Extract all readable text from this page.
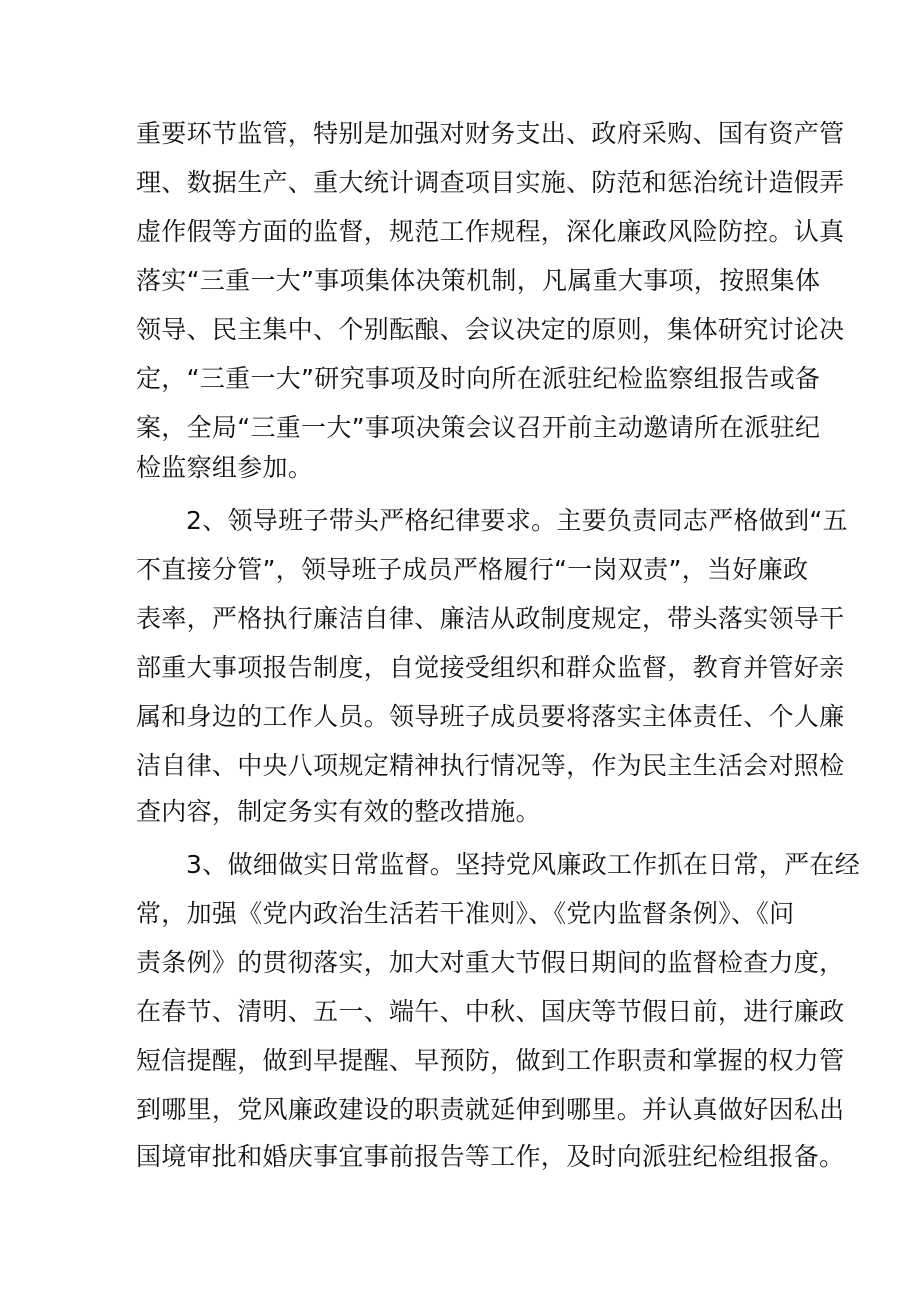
重要环节监管，特别是加强对财务支出、政府采购、国有资产管
理、数据生产、重大统计调查项目实施、防范和惩治统计造假弄
虚作假等方面的监督，规范工作规程，深化廉政风险防控。认真
落实“三重一大”事项集体决策机制，凡属重大事项，按照集体
领导、民主集中、个别酝酿、会议决定的原则，集体研究讨论决
定，“三重一大”研究事项及时向所在派驻纪检监察组报告或备
案，全局“三重一大”事项决策会议召开前主动邀请所在派驻纪
检监察组参加。
2、领导班子带头严格纪律要求。主要负责同志严格做到“五
不直接分管”，领导班子成员严格履行“一岗双责”，当好廉政
表率，严格执行廉洁自律、廉洁从政制度规定，带头落实领导干
部重大事项报告制度，自觉接受组织和群众监督，教育并管好亲
属和身边的工作人员。领导班子成员要将落实主体责任、个人廉
洁自律、中央八项规定精神执行情况等，作为民主生活会对照检
查内容，制定务实有效的整改措施。
3、做细做实日常监督。坚持党风廉政工作抓在日常，严在经
常，加强《党内政治生活若干准则》、《党内监督条例》、《问
责条例》的贯彻落实，加大对重大节假日期间的监督检查力度，
在春节、清明、五一、端午、中秋、国庆等节假日前，进行廉政
短信提醒，做到早提醒、早预防，做到工作职责和掌握的权力管
到哪里，党风廉政建设的职责就延伸到哪里。并认真做好因私出
国境审批和婚庆事宜事前报告等工作，及时向派驻纪检组报备。
